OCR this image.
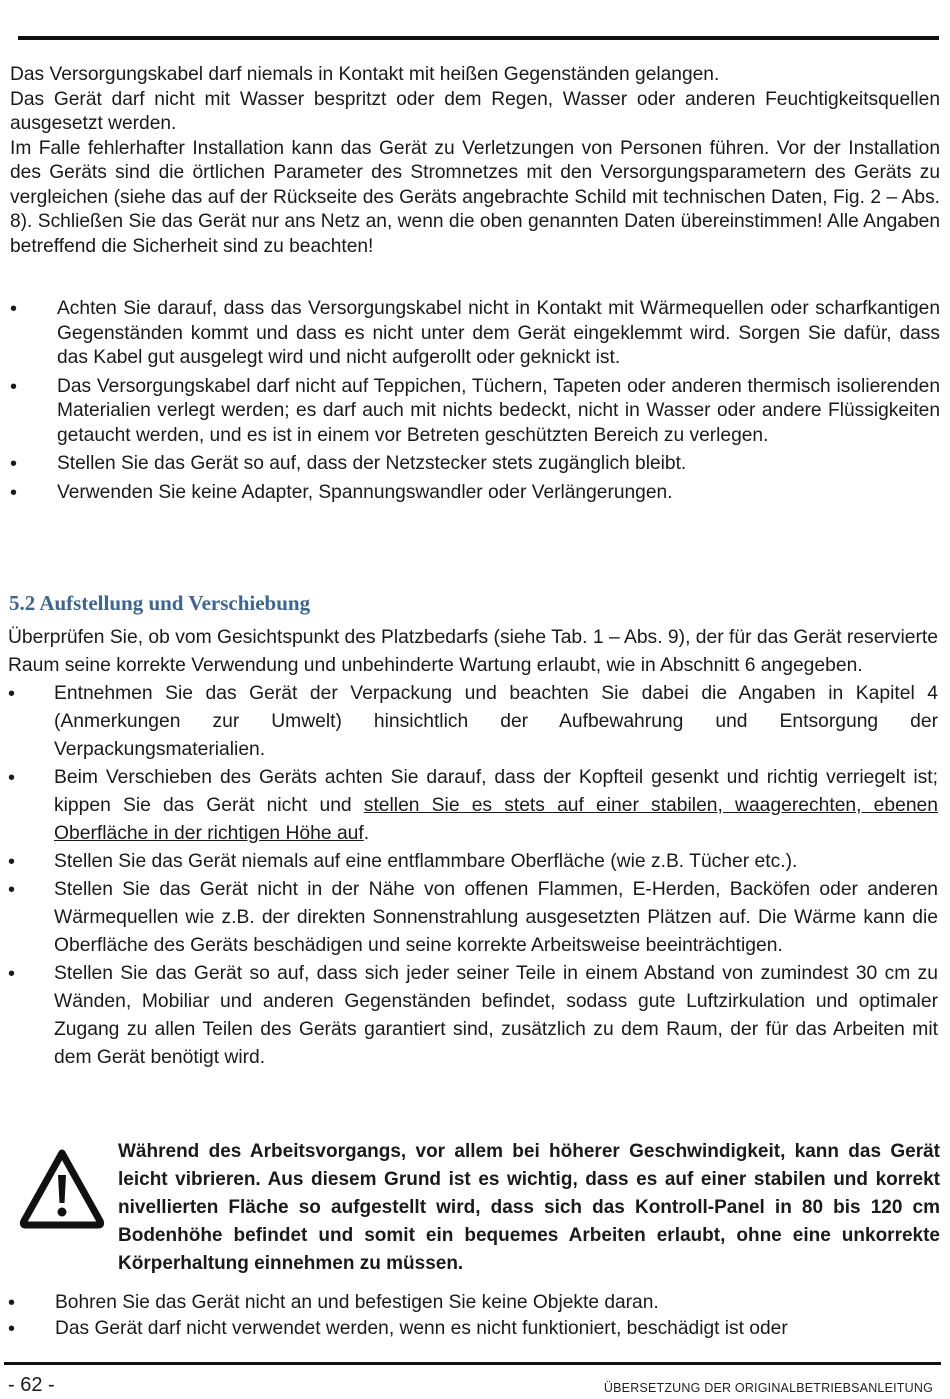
Das Versorgungskabel darf niemals in Kontakt mit heißen Gegenständen gelangen.

Das Gerät darf nicht mit Wasser bespritzt oder dem Regen, Wasser oder anderen Feuchtigkeitsquellen ausgesetzt werden.

Im Falle fehlerhafter Installation kann das Gerät zu Verletzungen von Personen führen. Vor der Installation des Geräts sind die örtlichen Parameter des Stromnetzes mit den Versorgungsparametern des Geräts zu vergleichen (siehe das auf der Rückseite des Geräts angebrachte Schild mit technischen Daten, Fig. 2 – Abs. 8). Schließen Sie das Gerät nur ans Netz an, wenn die oben genannten Daten übereinstimmen! Alle Angaben betreffend die Sicherheit sind zu beachten!

• Achten Sie darauf, dass das Versorgungskabel nicht in Kontakt mit Wärmequellen oder scharfkantigen Gegenständen kommt und dass es nicht unter dem Gerät eingeklemmt wird. Sorgen Sie dafür, dass das Kabel gut ausgelegt wird und nicht aufgerollt oder geknickt ist.
• Das Versorgungskabel darf nicht auf Teppichen, Tüchern, Tapeten oder anderen thermisch isolierenden Materialien verlegt werden; es darf auch mit nichts bedeckt, nicht in Wasser oder andere Flüssigkeiten getaucht werden, und es ist in einem vor Betreten geschützten Bereich zu verlegen.
• Stellen Sie das Gerät so auf, dass der Netzstecker stets zugänglich bleibt.
• Verwenden Sie keine Adapter, Spannungswandler oder Verlängerungen.
5.2 Aufstellung und Verschiebung

Überprüfen Sie, ob vom Gesichtspunkt des Platzbedarfs (siehe Tab. 1 – Abs. 9), der für das Gerät reservierte Raum seine korrekte Verwendung und unbehinderte Wartung erlaubt, wie in Abschnitt 6 angegeben.

• Entnehmen Sie das Gerät der Verpackung und beachten Sie dabei die Angaben in Kapitel 4 (Anmerkungen zur Umwelt) hinsichtlich der Aufbewahrung und Entsorgung der Verpackungsmaterialien.
• Beim Verschieben des Geräts achten Sie darauf, dass der Kopfteil gesenkt und richtig verriegelt ist; kippen Sie das Gerät nicht und stellen Sie es stets auf einer stabilen, waagerechten, ebenen Oberfläche in der richtigen Höhe auf.
• Stellen Sie das Gerät niemals auf eine entflammbare Oberfläche (wie z.B. Tücher etc.).
• Stellen Sie das Gerät nicht in der Nähe von offenen Flammen, E-Herden, Backöfen oder anderen Wärmequellen wie z.B. der direkten Sonnenstrahlung ausgesetzten Plätzen auf. Die Wärme kann die Oberfläche des Geräts beschädigen und seine korrekte Arbeitsweise beeinträchtigen.
• Stellen Sie das Gerät so auf, dass sich jeder seiner Teile in einem Abstand von zumindest 30 cm zu Wänden, Mobiliar und anderen Gegenständen befindet, sodass gute Luftzirkulation und optimaler Zugang zu allen Teilen des Geräts garantiert sind, zusätzlich zu dem Raum, der für das Arbeiten mit dem Gerät benötigt wird.
Während des Arbeitsvorgangs, vor allem bei höherer Geschwindigkeit, kann das Gerät leicht vibrieren. Aus diesem Grund ist es wichtig, dass es auf einer stabilen und korrekt nivellierten Fläche so aufgestellt wird, dass sich das Kontroll-Panel in 80 bis 120 cm Bodenhöhe befindet und somit ein bequemes Arbeiten erlaubt, ohne eine unkorrekte Körperhaltung einnehmen zu müssen.
• Bohren Sie das Gerät nicht an und befestigen Sie keine Objekte daran.
• Das Gerät darf nicht verwendet werden, wenn es nicht funktioniert, beschädigt ist oder
- 62 -	ÜBERSETZUNG DER ORIGINALBETRIEBSANLEITUNG
